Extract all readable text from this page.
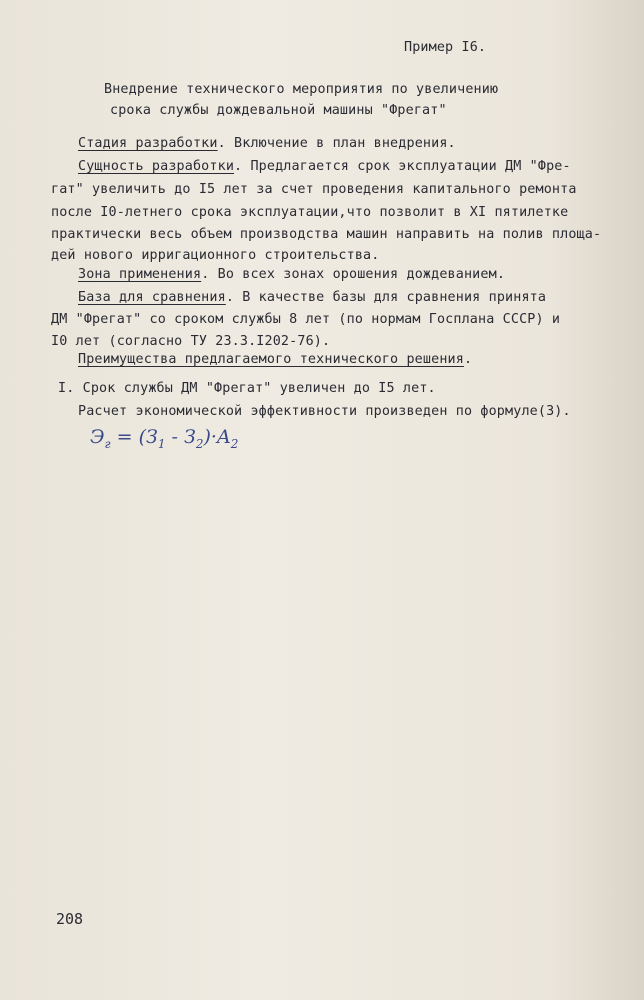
Пример I6.
Внедрение технического мероприятия по увеличению
срока службы дождевальной машины "Фрегат"
Стадия разработки. Включение в план внедрения.
Сущность разработки. Предлагается срок эксплуатации ДМ "Фре-
гат" увеличить до I5 лет за счет проведения капитального ремонта
после I0-летнего срока эксплуатации,что позволит в XI пятилетке
практически весь объем производства машин направить на полив площа-
дей нового ирригационного строительства.
Зона применения. Во всех зонах орошения дождеванием.
База для сравнения. В качестве базы для сравнения принята
ДМ "Фрегат" со сроком службы 8 лет (по нормам Госплана СССР) и
I0 лет (согласно ТУ 23.3.I202-76).
Преимущества предлагаемого технического решения.
I. Срок службы ДМ "Фрегат" увеличен до I5 лет.
Расчет экономической эффективности произведен по формуле(3).
$Э_г = (З_1 - З_2)\cdot A_2$
208
